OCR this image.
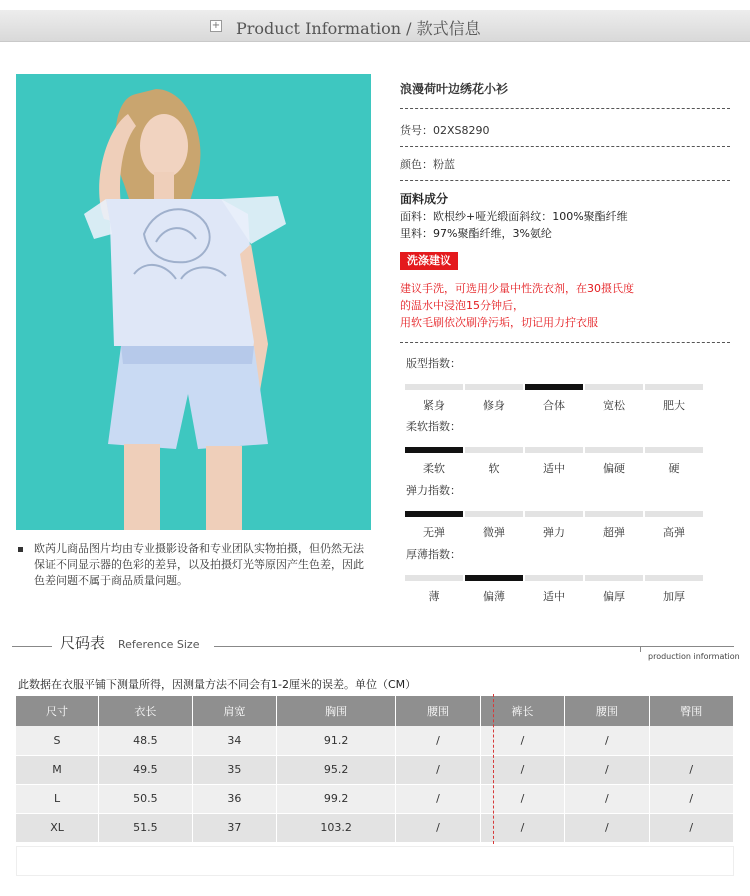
+ Product Information / 款式信息
欧芮儿商品图片均由专业摄影设备和专业团队实物拍摄，但仍然无法保证不同显示器的色彩的差异，以及拍摄灯光等原因产生色差，因此色差问题不属于商品质量问题。
浪漫荷叶边绣花小衫
货号：02XS8290
颜色：粉蓝
面料成分
面料：欧根纱+哑光缎面斜纹：100%聚酯纤维
里料：97%聚酯纤维，3%氨纶
洗涤建议
建议手洗，可选用少量中性洗衣剂，在30摄氏度
的温水中浸泡15分钟后，
用软毛刷依次刷净污垢，切记用力拧衣服
版型指数：
紧身	修身	合体	宽松	肥大
柔软指数：
柔软	软	适中	偏硬	硬
弹力指数：
无弹	微弹	弹力	超弹	高弹
厚薄指数：
薄	偏薄	适中	偏厚	加厚
尺码表 Reference Size
production information
此数据在衣服平铺下测量所得，因测量方法不同会有1-2厘米的误差。单位（CM）
尺寸	衣长	肩宽	胸围	腰围	裤长	腰围	臀围
S	48.5	34	91.2	/	/	/	
M	49.5	35	95.2	/	/	/	/
L	50.5	36	99.2	/	/	/	/
XL	51.5	37	103.2	/	/	/	/
